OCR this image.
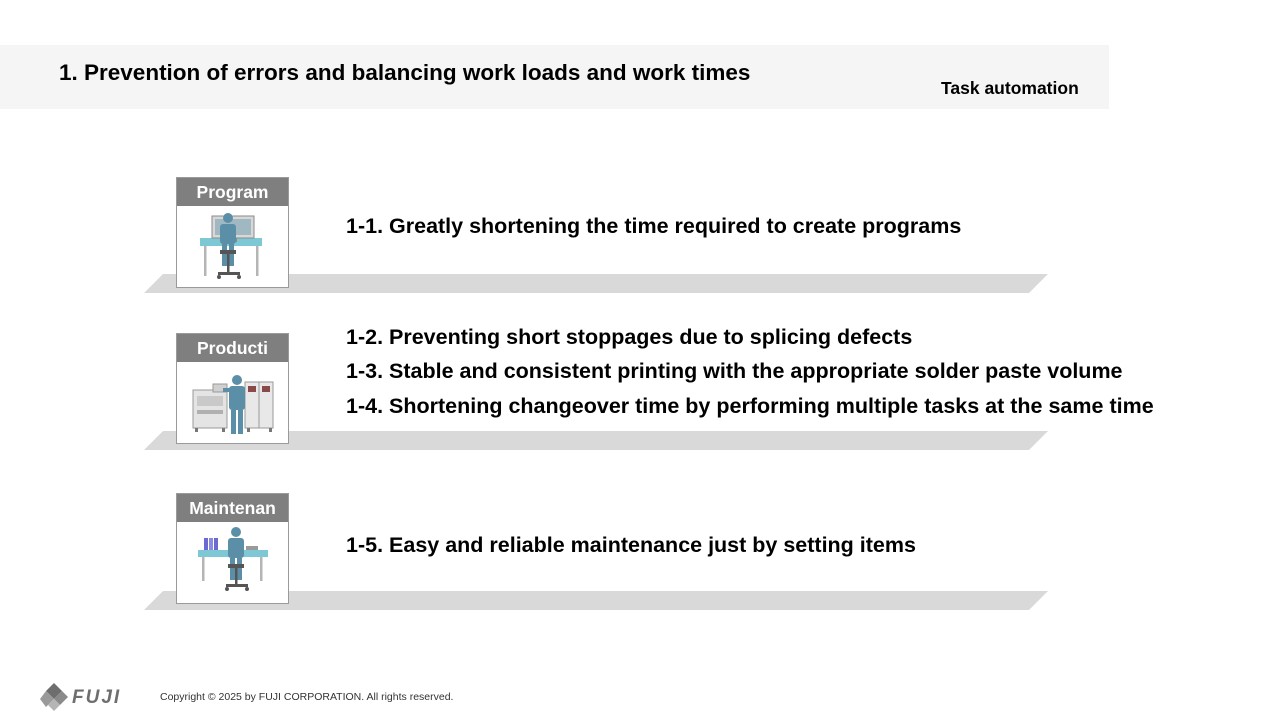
1. Prevention of errors and balancing work loads and work times
Task automation
Program
1-1. Greatly shortening the time required to create programs
Producti	1-2. Preventing short stoppages due to splicing defects
1-3. Stable and consistent printing with the appropriate solder paste volume
1-4. Shortening changeover time by performing multiple tasks at the same time
Maintenan
1-5. Easy and reliable maintenance just by setting items
FUJI	Copyright © 2025 by FUJI CORPORATION. All rights reserved.
